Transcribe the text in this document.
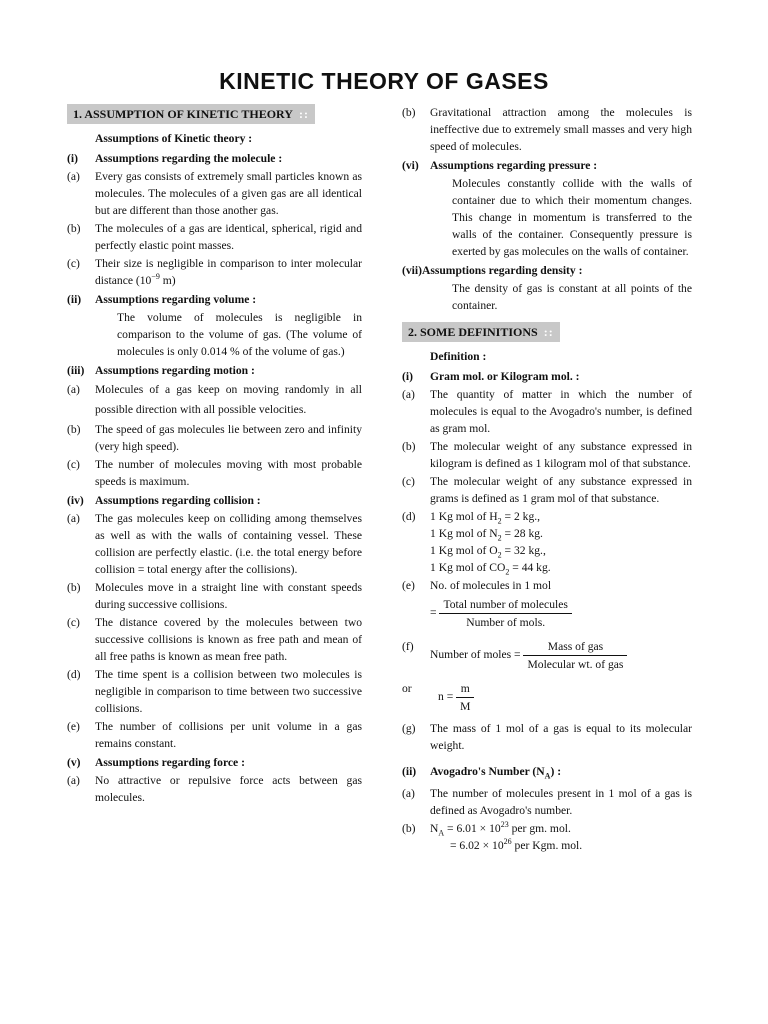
KINETIC THEORY OF GASES
1. ASSUMPTION OF KINETIC THEORY ::
Assumptions of Kinetic theory :
(i)	Assumptions regarding the molecule :
(a)	Every gas consists of extremely small particles known as molecules. The molecules of a given gas are all identical but are different than those another gas.
(b)	The molecules of a gas are identical, spherical, rigid and perfectly elastic point masses.
(c)	Their size is negligible in comparison to inter molecular distance ($10^{-9}$ m)
(ii)	Assumptions regarding volume :
The volume of molecules is negligible in comparison to the volume of gas. (The volume of molecules is only 0.014 % of the volume of gas.)
(iii) Assumptions regarding motion :
(a)	Molecules of a gas keep on moving randomly in all possible direction with all possible velocities.
(b)	The speed of gas molecules lie between zero and infinity (very high speed).
(c)	The number of molecules moving with most probable speeds is maximum.
(iv) Assumptions regarding collision :
(a)	The gas molecules keep on colliding among themselves as well as with the walls of containing vessel. These collision are perfectly elastic. (i.e. the total energy before collision = total energy after the collisions).
(b)	Molecules move in a straight line with constant speeds during successive collisions.
(c)	The distance covered by the molecules between two successive collisions is known as free path and mean of all free paths is known as mean free path.
(d)	The time spent is a collision between two molecules is negligible in comparison to time between two successive collisions.
(e)	The number of collisions per unit volume in a gas remains constant.
(v)	Assumptions regarding force :
(a)	No attractive or repulsive force acts between gas molecules.
(b)	Gravitational attraction among the molecules is ineffective due to extremely small masses and very high speed of molecules.
(vi) Assumptions regarding pressure :
Molecules constantly collide with the walls of container due to which their momentum changes. This change in momentum is transferred to the walls of the container. Consequently pressure is exerted by gas molecules on the walls of container.
(vii)Assumptions regarding density :
The density of gas is constant at all points of the container.
2. SOME DEFINITIONS ::
Definition :
(i)	Gram mol. or Kilogram mol. :
(a)	The quantity of matter in which the number of molecules is equal to the Avogadro's number, is defined as gram mol.
(b)	The molecular weight of any substance expressed in kilogram is defined as 1 kilogram mol of that substance.
(c)	The molecular weight of any substance expressed in grams is defined as 1 gram mol of that substance.
(d)	1 Kg mol of $H_2 = 2$ kg.,
1 Kg mol of $N_2 = 28$ kg.
1 Kg mol of $O_2 = 32$ kg.,
1 Kg mol of $CO_2 = 44$ kg.
(e)	No. of molecules in 1 mol
= $\frac{\text{Total number of molecules}}{\text{Number of mols.}}$
(f)
Number of moles = $\frac{\text{Mass of gas}}{\text{Molecular wt. of gas}}$
or
$n = \frac{m}{M}$
(g)	The mass of 1 mol of a gas is equal to its molecular weight.
(ii)	Avogadro's Number $(N_A)$ :
(a)	The number of molecules present in 1 mol of a gas is defined as Avogadro's number.
(b)	$N_A = 6.01 \times 10^{23}$ per gm. mol.
= $6.02 \times 10^{26}$ per Kgm. mol.
